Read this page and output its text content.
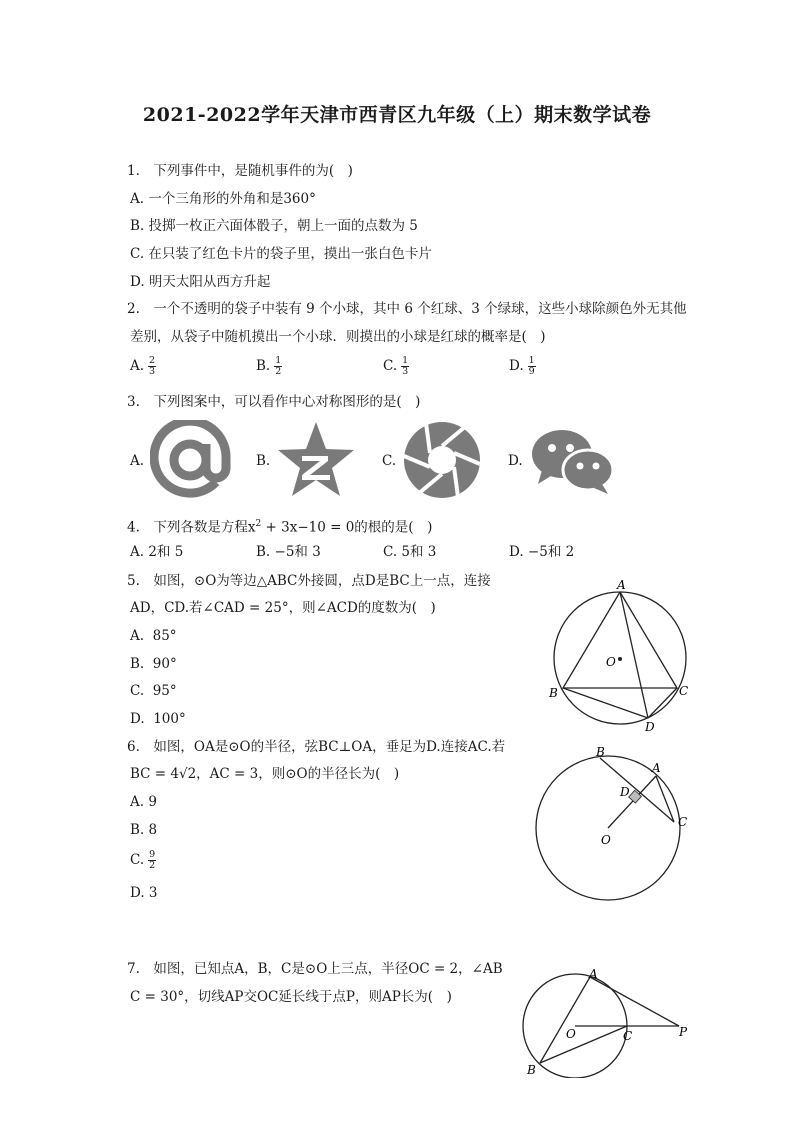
2021-2022学年天津市西青区九年级（上）期末数学试卷
1.　下列事件中，是随机事件的为(　)
A. 一个三角形的外角和是360°
B. 投掷一枚正六面体骰子，朝上一面的点数为 5
C. 在只装了红色卡片的袋子里，摸出一张白色卡片
D. 明天太阳从西方升起
2.　一个不透明的袋子中装有 9 个小球，其中 6 个红球、3 个绿球，这些小球除颜色外无其他
差别，从袋子中随机摸出一个小球．则摸出的小球是红球的概率是(　)
A. $\frac{2}{3}$	B. $\frac{1}{2}$	C. $\frac{1}{3}$	D. $\frac{1}{9}$
3.　下列图案中，可以看作中心对称图形的是(　)
A.	B.	C.	D.
4.　下列各数是方程$x^2 + 3x-10 = 0$的根的是(　)
A. 2和 5	B. −5和 3	C. 5和 3	D. −5和 2
5.　如图，⊙O为等边△ABC外接圆，点D是BC上一点，连接
AD，CD.若∠CAD = 25°，则∠ACD的度数为(　)
A.  85°
B.  90°
C.  95°
D.  100°
A
B	C
D
O
6.　如图，OA是⊙O的半径，弦BC⊥OA，垂足为D.连接AC.若
BC = 4√2，AC = 3，则⊙O的半径长为(　)
A. 9
B. 8
C. $\frac{9}{2}$
D. 3
B
A
D
C
O
7.　如图，已知点A，B，C是⊙O上三点，半径OC = 2，∠AB
C = 30°，切线AP交OC延长线于点P，则AP长为(　)
A
O	C	P
B
